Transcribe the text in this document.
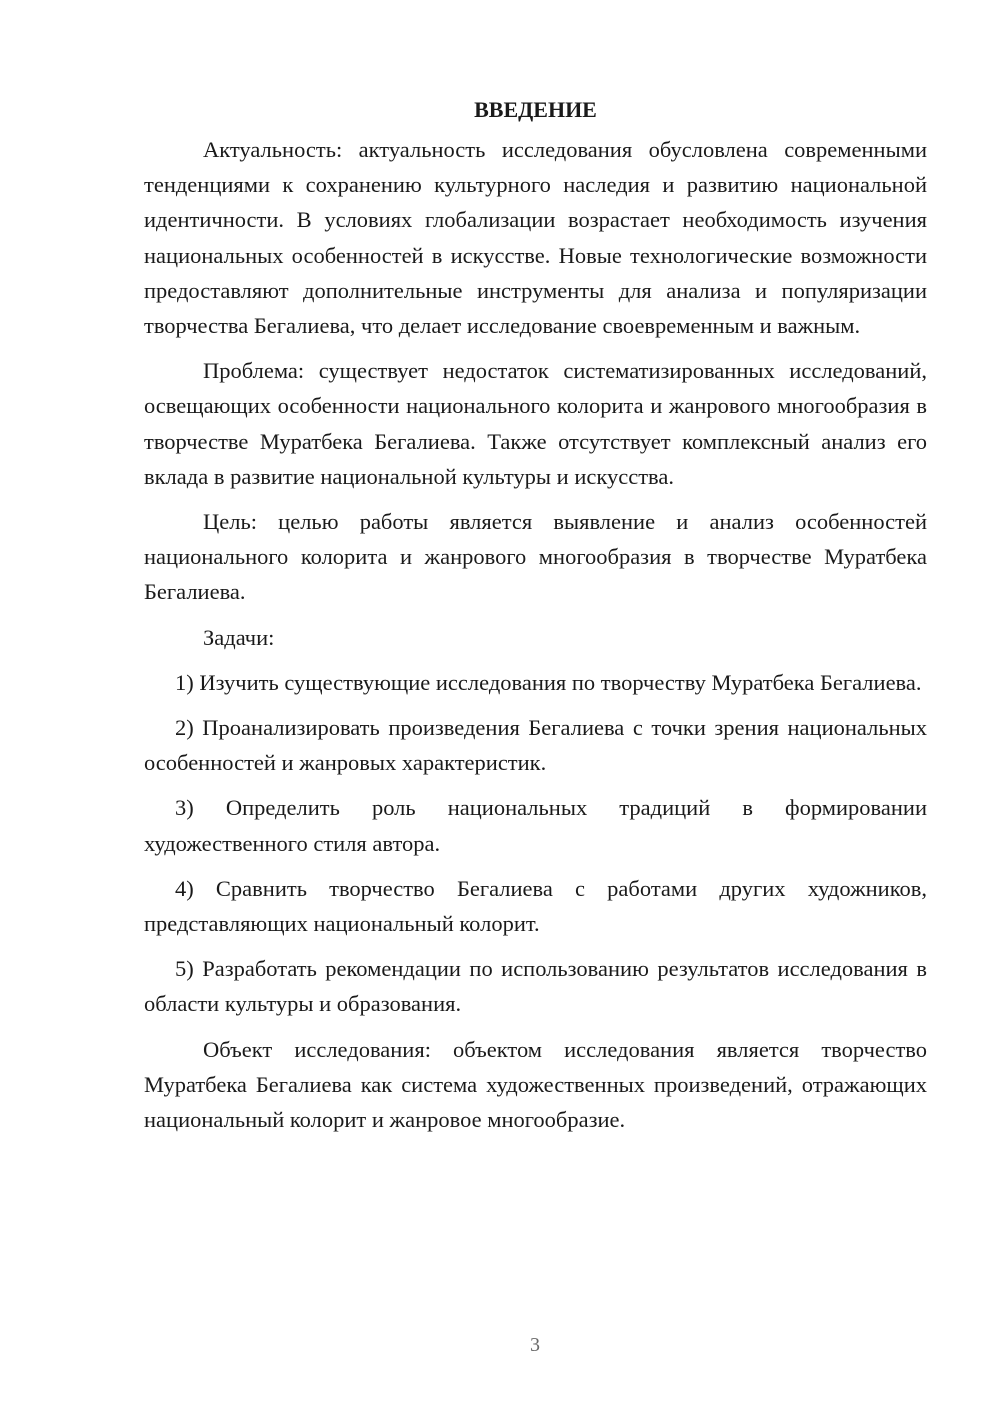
ВВЕДЕНИЕ

Актуальность: актуальность исследования обусловлена современными тенденциями к сохранению культурного наследия и развитию национальной идентичности. В условиях глобализации возрастает необходимость изучения национальных особенностей в искусстве. Новые технологические возможности предоставляют дополнительные инструменты для анализа и популяризации творчества Бегалиева, что делает исследование своевременным и важным.

Проблема: существует недостаток систематизированных исследований, освещающих особенности национального колорита и жанрового многообразия в творчестве Муратбека Бегалиева. Также отсутствует комплексный анализ его вклада в развитие национальной культуры и искусства.

Цель: целью работы является выявление и анализ особенностей национального колорита и жанрового многообразия в творчестве Муратбека Бегалиева.

Задачи:

1) Изучить существующие исследования по творчеству Муратбека Бегалиева.

2) Проанализировать произведения Бегалиева с точки зрения национальных особенностей и жанровых характеристик.

3) Определить роль национальных традиций в формировании художественного стиля автора.

4) Сравнить творчество Бегалиева с работами других художников, представляющих национальный колорит.

5) Разработать рекомендации по использованию результатов исследования в области культуры и образования.

Объект исследования: объектом исследования является творчество Муратбека Бегалиева как система художественных произведений, отражающих национальный колорит и жанровое многообразие.

3
